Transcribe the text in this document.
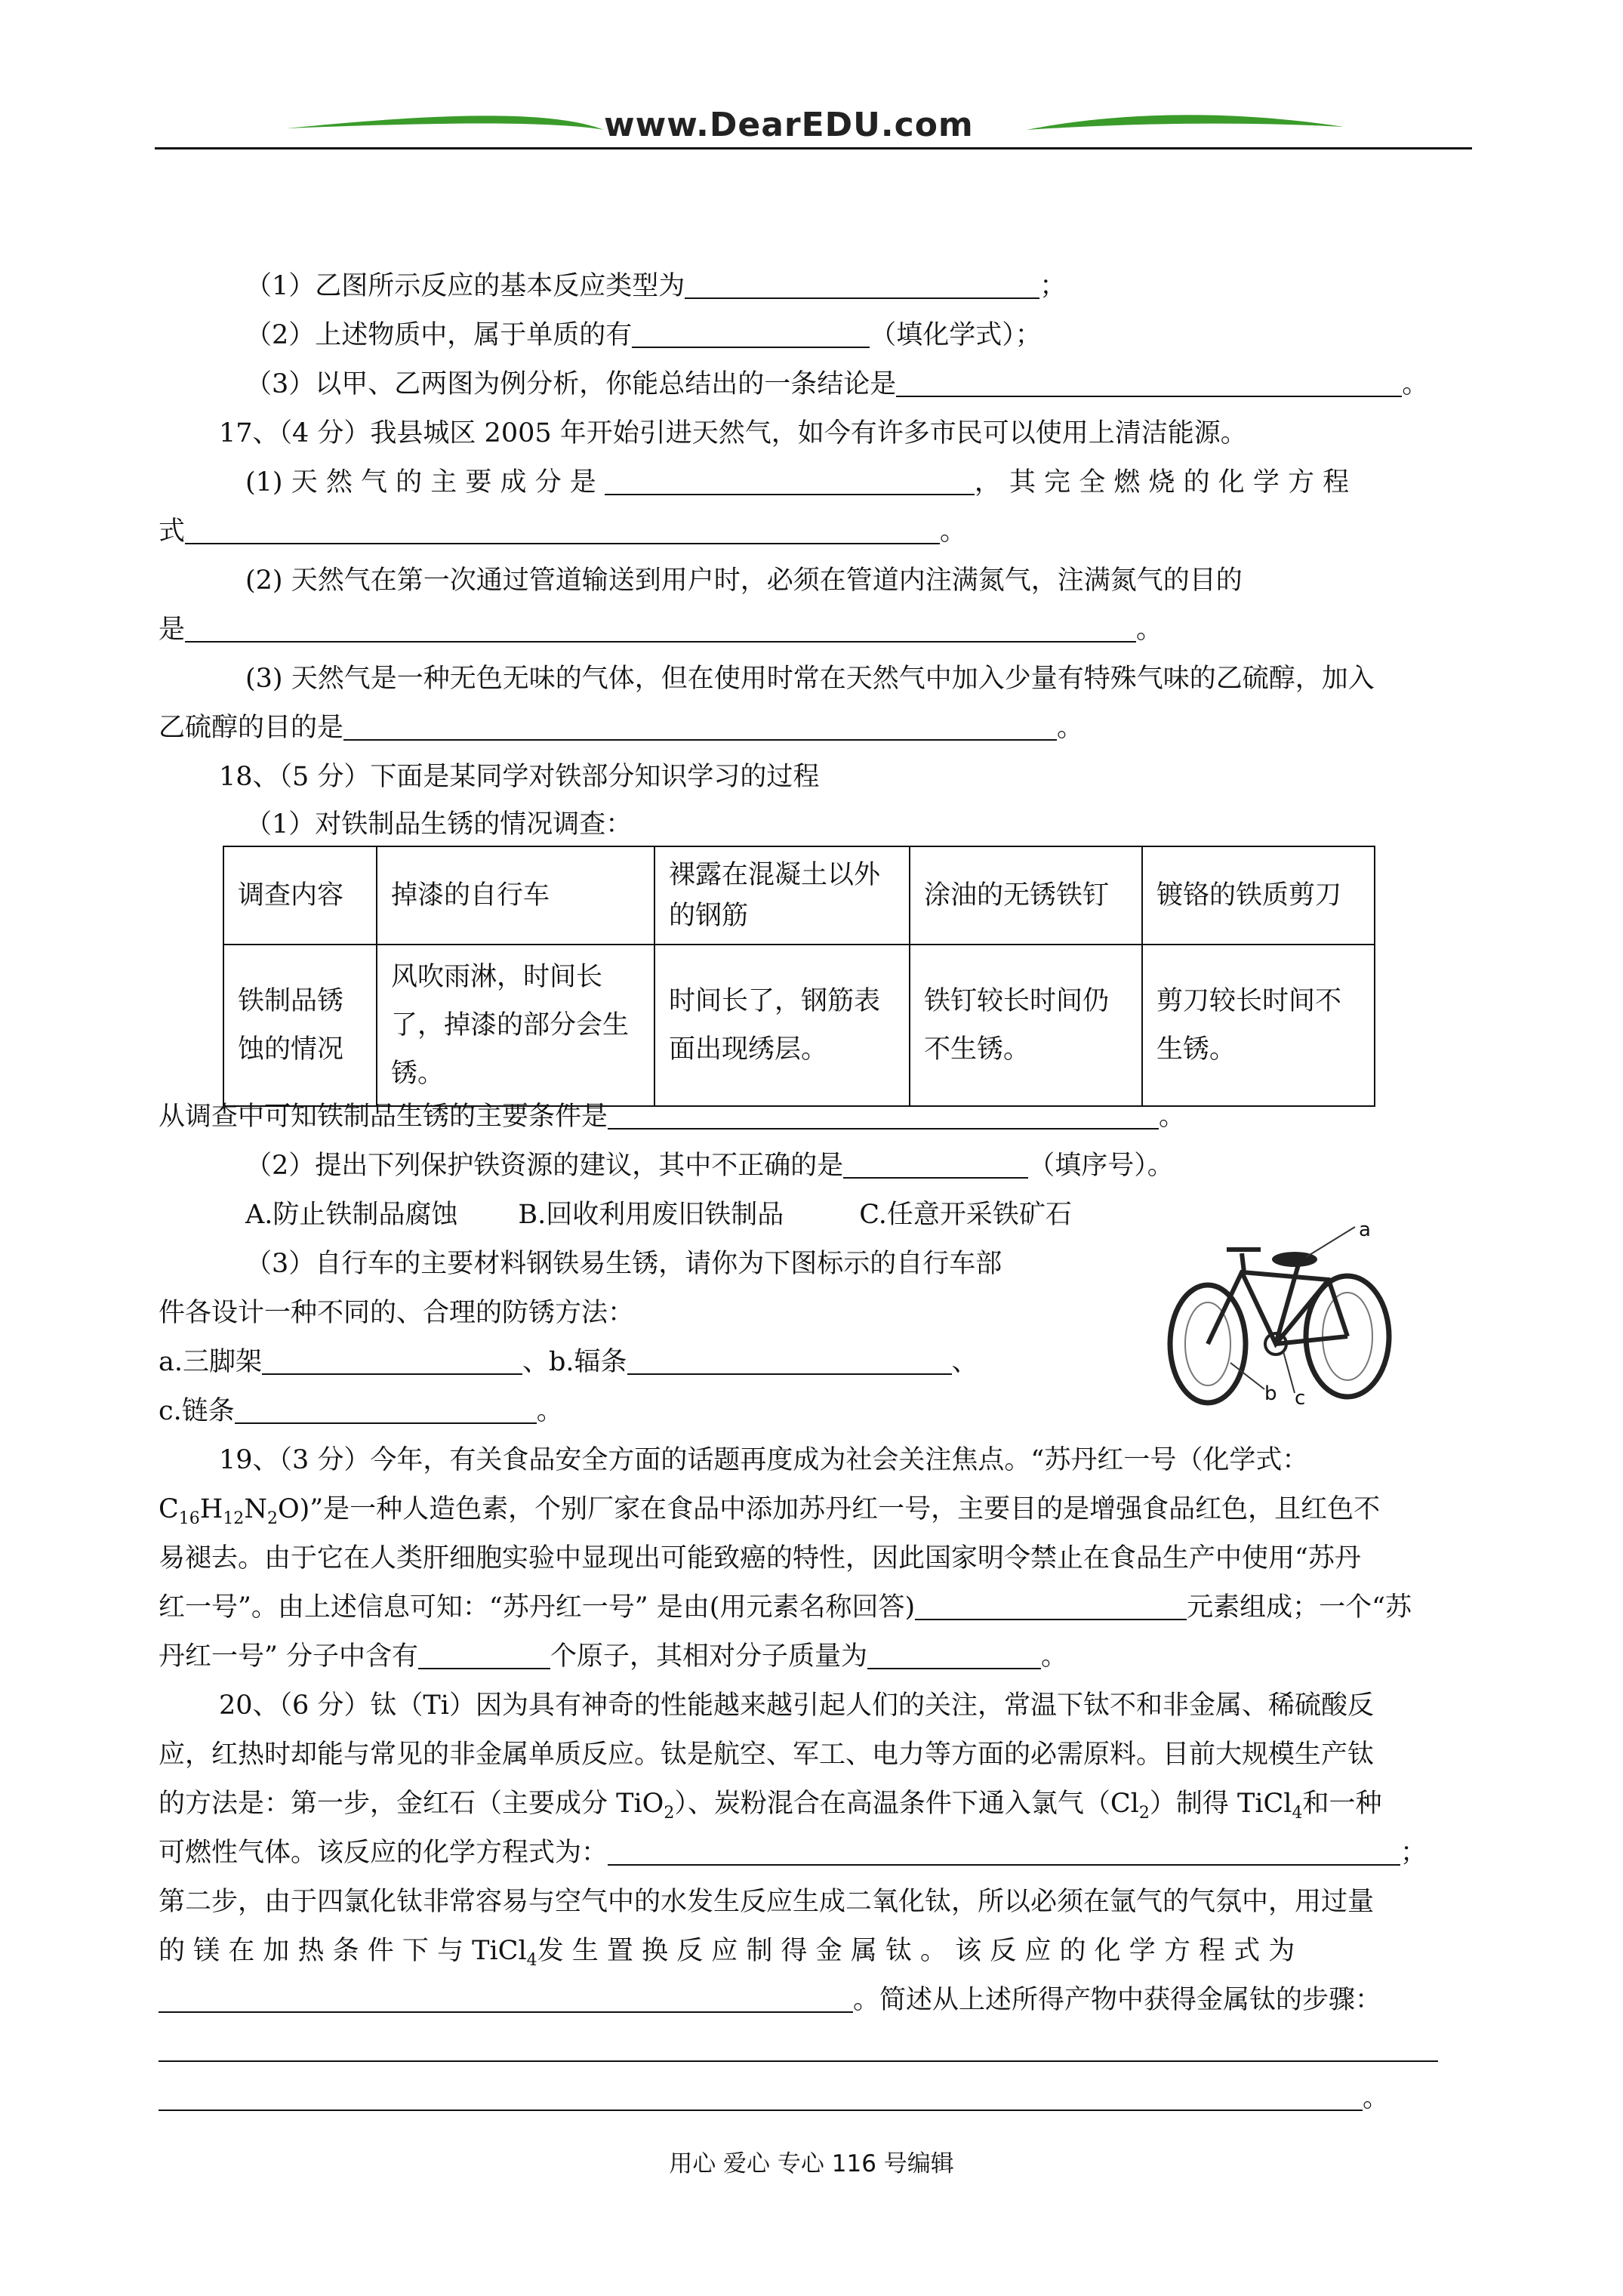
www.DearEDU.com
（1）乙图所示反应的基本反应类型为	；
（2）上述物质中，属于单质的有	（填化学式）；
（3）以甲、乙两图为例分析，你能总结出的一条结论是	。
17、（4 分）我县城区 2005 年开始引进天然气，如今有许多市民可以使用上清洁能源。
(1) 天 然 气 的 主 要 成 分 是	， 其 完 全 燃 烧 的 化 学 方 程
式	。
(2) 天然气在第一次通过管道输送到用户时，必须在管道内注满氮气，注满氮气的目的
是	。
(3) 天然气是一种无色无味的气体，但在使用时常在天然气中加入少量有特殊气味的乙硫醇，加入
乙硫醇的目的是	。
18、（5 分）下面是某同学对铁部分知识学习的过程
（1）对铁制品生锈的情况调查：
调查内容	掉漆的自行车	裸露在混凝土以外的钢筋	涂油的无锈铁钉	镀铬的铁质剪刀
铁制品锈蚀的情况	风吹雨淋，时间长了，掉漆的部分会生锈。	时间长了，钢筋表面出现绣层。	铁钉较长时间仍不生锈。	剪刀较长时间不生锈。
从调查中可知铁制品生锈的主要条件是	。
（2）提出下列保护铁资源的建议，其中不正确的是	（填序号）。
A.防止铁制品腐蚀 B.回收利用废旧铁制品	C.任意开采铁矿石
（3）自行车的主要材料钢铁易生锈，请你为下图标示的自行车部
件各设计一种不同的、合理的防锈方法：
a.三脚架	、b.辐条	、
c.链条	。
a
b c
19、（3 分）今年，有关食品安全方面的话题再度成为社会关注焦点。“苏丹红一号（化学式：
$C_{16}H_{12}N_2O$)”是一种人造色素，个别厂家在食品中添加苏丹红一号，主要目的是增强食品红色，且红色不
易褪去。由于它在人类肝细胞实验中显现出可能致癌的特性，因此国家明令禁止在食品生产中使用“苏丹
红一号”。由上述信息可知：“苏丹红一号” 是由(用元素名称回答)	元素组成；一个“苏
丹红一号” 分子中含有	个原子，其相对分子质量为	。
20、（6 分）钛（Ti）因为具有神奇的性能越来越引起人们的关注，常温下钛不和非金属、稀硫酸反
应，红热时却能与常见的非金属单质反应。钛是航空、军工、电力等方面的必需原料。目前大规模生产钛
的方法是：第一步，金红石（主要成分 TiO$_2$）、炭粉混合在高温条件下通入氯气$(Cl_2)$制得 TiCl$_4$和一种
可燃性气体。该反应的化学方程式为：	；
第二步，由于四氯化钛非常容易与空气中的水发生反应生成二氧化钛，所以必须在氩气的气氛中，用过量
的 镁 在 加 热 条 件 下 与 TiCl$_4$发 生 置 换 反 应 制 得 金 属 钛 。 该 反 应 的 化 学 方 程 式 为
。简述从上述所得产物中获得金属钛的步骤：
。
用心 爱心 专心 116 号编辑
